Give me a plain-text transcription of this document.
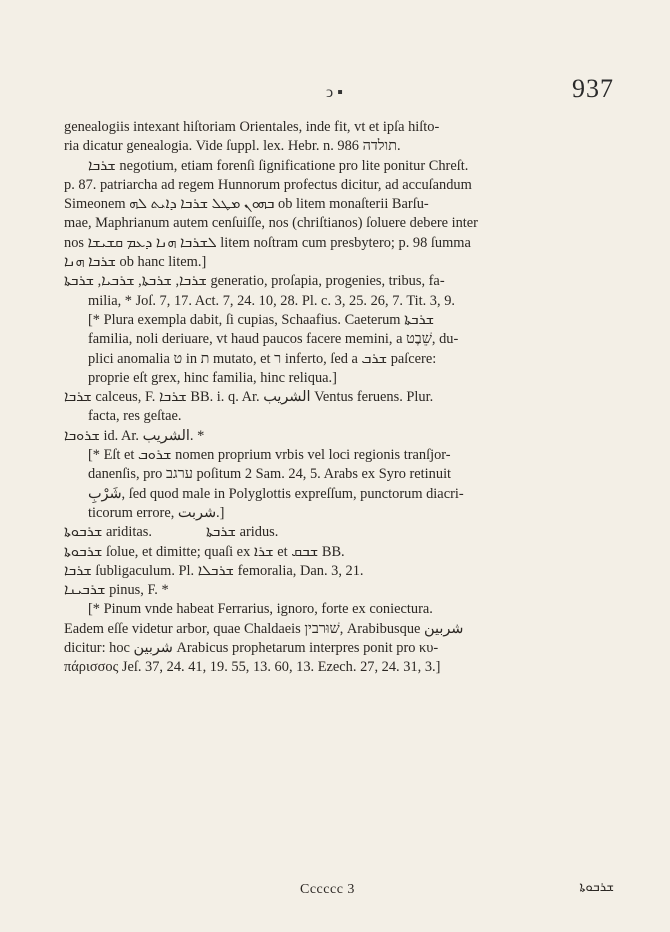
ↄ ▪	937
genealogiis intexant hiſtoriam Orientales, inde fit, vt et ipſa hiſto-
ria dicatur genealogia. Vide ſuppl. lex. Hebr. n. 986 תולדה.
ܫܪܒܐ negotium, etiam forenſi ſignificatione pro lite ponitur Chreſt.
p. 87. patriarcha ad regem Hunnorum profectus dicitur, ad accuſandum
Simeonem ܒܗܘܢ ܡܛܠ ܫܪܒܐ ܕܐܝܬ ܠܗ ob litem monaſterii Barſu-
mae, Maphrianum autem cenſuiſſe, nos (chriſtianos) ſoluere debere inter
nos ܠܫܪܒܐ ܗܢܐ ܕܥܡ ܩܫܝܫܐ litem noſtram cum presbytero; p. 98 ſumma
ܫܪܒܐ ܗܢܐ ob hanc litem.]
ܫܪܒܐ, ܫܪܒܬܐ, ܫܪܒܝܐ, ܫܪܒܬܐ generatio, proſapia, progenies, tribus, fa-
milia, * Joſ. 7, 17. Act. 7, 24. 10, 28. Pl. c. 3, 25. 26, 7. Tit. 3, 9.
[* Plura exempla dabit, ſi cupias, Schaafius. Caeterum ܫܪܒܬܐ
familia, noli deriuare, vt haud paucos facere memini, a שֵׁבֶט, du-
plici anomalia ט in ת mutato, et ר inferto, ſed a ܫܪܒ paſcere:
proprie eſt grex, hinc familia, hinc reliqua.]
ܫܪܒܐ calceus, F. ܫܪܒܐ BB. i. q. Ar. الشريب Ventus feruens. Plur.
facta, res geſtae.
ܫܪܘܒܐ id. Ar. الشريب. *
[* Eſt et ܫܪܘܒ nomen proprium vrbis vel loci regionis tranſjor-
danenſis, pro ערגב poſitum 2 Sam. 24, 5. Arabs ex Syro retinuit
شَرْبِ, ſed quod male in Polyglottis expreſſum, punctorum diacri-
ticorum errore, شربت.]
ܫܪܒܘܬܐ ariditas.	ܫܪܒܬܐ aridus.
ܫܪܒܘܬܐ ſolue, et dimitte; quaſi ex ܫܪܐ et ܫܒܩ BB.
ܫܪܒܐ ſubligaculum. Pl. ܫܪܒܠܐ femoralia, Dan. 3, 21.
ܫܪܒܝܢܐ pinus, F. *
[* Pinum vnde habeat Ferrarius, ignoro, forte ex coniectura.
Eadem eſſe videtur arbor, quae Chaldaeis שׁוּרבין, Arabibusque شربين
dicitur: hoc شربين Arabicus prophetarum interpres ponit pro κυ-
πάρισσος Jeſ. 37, 24. 41, 19. 55, 13. 60, 13. Ezech. 27, 24. 31, 3.]
Cccccc 3	ܫܪܒܘܬܐ
